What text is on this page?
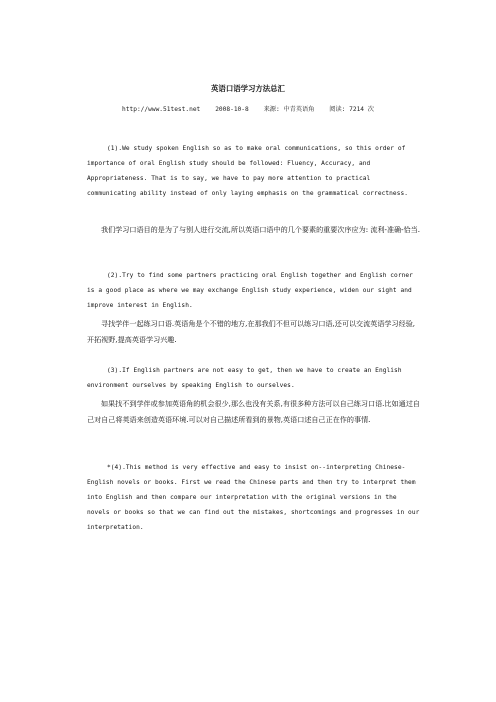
英语口语学习方法总汇
http://www.51test.net 2008-10-8 来源: 中青英语角 阅读: 7214 次

(1).We study spoken English so as to make oral communications, so this order of importance of oral English study should be followed: Fluency, Accuracy, and Appropriateness. That is to say, we have to pay more attention to practical communicating ability instead of only laying emphasis on the grammatical correctness.

我们学习口语目的是为了与别人进行交流,所以英语口语中的几个要素的重要次序应为: 流利-准确-恰当.

(2).Try to find some partners practicing oral English together and English corner is a good place as where we may exchange English study experience, widen our sight and improve interest in English.

寻找学伴一起练习口语.英语角是个不错的地方,在那我们不但可以练习口语,还可以交流英语学习经验,开拓视野,提高英语学习兴趣.

(3).If English partners are not easy to get, then we have to create an English environment ourselves by speaking English to ourselves.

如果找不到学伴或参加英语角的机会很少,那么也没有关系,有很多种方法可以自己练习口语.比如通过自己对自己将英语来创造英语环境.可以对自己描述所看到的景物,英语口述自己正在作的事情.

*(4).This method is very effective and easy to insist on--interpreting Chinese-English novels or books. First we read the Chinese parts and then try to interpret them into English and then compare our interpretation with the original versions in the novels or books so that we can find out the mistakes, shortcomings and progresses in our interpretation.
